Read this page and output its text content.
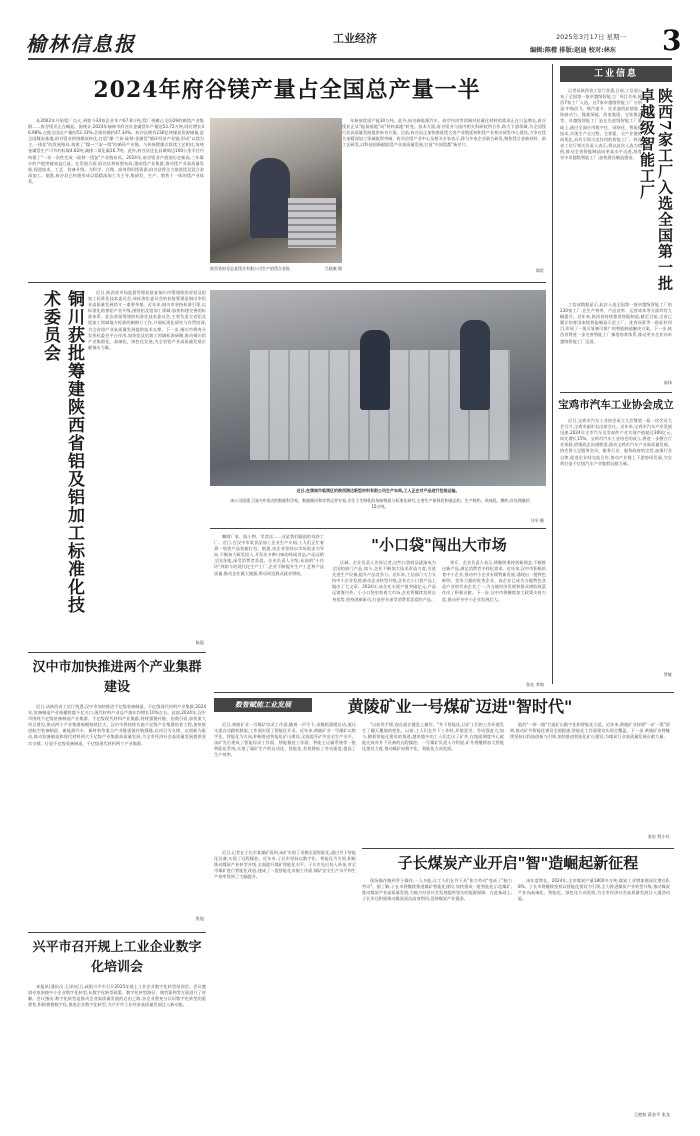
榆林信息报	工业经济	2025年3月17日 星期一
编辑:陈橙 排版:赵迪 校对:林东	3
2024年府谷镁产量占全国总产量一半

从2002年开始镁厂点火,到如今34家企业年产67.8万吨,镁厂规模占全国29的赖镁产业集群……府谷镁业正在崛起。据统计,2024年榆林市府谷县金属镁年产量达53.72万吨,同比增长46.98%,占据全国总产量的52.33%,全球份额约47.34%。府谷县拥有236亿吨煤炭资源储量,是全国煤炭基地,府谷镁业围绕煤炭转化,打造"煤-兰炭-硅铁-金属镁"循环经济产业链,形成"以镁为主,一体化"的发展格局,构建了"煤—兰炭—镁"的循环产业链。与传统燃煤式炼镁工艺相比,每吨金属镁生产可节约标煤4.82吨,减排二氧化碳16.7吨。此外,府谷县还在县城周边100公里半径内构建了"一年一次性完成一硅铁一镁锭"产业链布局。2024年,府谷镁业产值创历史新高,三年累计的产值突破效益凸显。在发展方面,府谷县将按照布局,建成镁产业集群,推动镁产业高质量发展,促进技术、工艺、装备升级。为科学、合理、高效利用镁资源,府谷县将全力推进镁及镁合金深加工。据悉,府谷县已构建形成以镁精深加工为主导,集研发、生产、销售于一体的镁产业体系。

陕西省府谷县某镁业有限公司生产的镁合金锭	吕晓旗 摄

年释放优质产能30万吨。此外,府谷新能源汽车、低空经济等领域对轻量化材料的需求正在日益增长,府谷镁业正从"能源基地"向"材料高地"转变。技术方面,府谷镁业与国内相关科研院所合作,助力下游领域,为全国镁行业高质量发展提供府谷方案。目前,府谷县正加快推进镁合金产业链延伸和镁产业相关研发中心建设,力争在镁合金精深加工领域取得突破。府谷县镁产业中心及相关专家表示,将与多家企业联合研发,聚焦镁合金新材料、新工艺研发,以科技创新赋能镁产业高质量发展,打造"中国镁都"新名片。

谭雷
铜川获批筹建陕西省铝及铝加工标准化技术委员会	近日,陕西省市场监督管理局批复铜川市筹建陕西省铝及铝加工标准化技术委员会,该标准化委员会的获批筹建是铜川市铝业高质量发展的又一重要举措。近年来,铜川市坚持标准引领,以标准化助推铝产业升级,围绕铝及铝加工领域,加快构建完善的标准体系。此次获批筹建的标准化技术委员会,主要负责全省铝及铝加工领域地方标准的制修订工作,开展标准化研究与宣贯培训,为全省铝产业高质量发展提供技术支撑。下一步,铜川市将充分发挥标委会平台作用,加快铝及铝加工领域标准研制,推动铜川铝产业集群化、高端化、绿色化发展,为全省铝产业高质量发展贡献铜川力量。

陈晨
近日,在渭南市临渭区的陕西润达新型材料有限公司生产车间,工人正在对产品进行包装运输。
该公司组建了国内外顶尖的数据科学家、数据顾问和零售运营专家,专注于生鲜乳的风味物质与标准化研究,主要生产原料乳和液态奶、生产鲜奶、风味乳、酸奶,年处理量约15万吨。
马辛 摄
汉中市加快推进两个产业集群建设

近日,从陕西省工信厅悦悉,汉中市加快推进千亿级装备制造、千亿级现代材料产业集群,2024年,装备制造产业规模跨越千亿关口,现代材料产业总产值年均增长10%左右。此前,2024年,汉中市围绕千亿级装备制造产业集群、千亿级现代材料产业集群,持续强链补链、招商引资,加快重大项目建设,推动两个产业集群规模持续壮大。汉中市将持续实施千亿级产业集群培育工程,加快推进航空装备制造、新能源汽车、新材料等重点产业链延链补链强链,以项目为支撑、以创新为驱动,推动装备制造和现代材料两大千亿级产业集群高质量发展,为全市经济社会高质量发展提供坚实支撑。打造千亿级装备制造、千亿级现代材料两个产业集群。

张旭
兴平市召开规上工业企业数字化培训会

本报讯(通讯员 王泽)近日,咸阳兴平市召开2025年规上工业企业数字化转型培训会。会议邀请专家围绕中小企业数字化转型,从数字化转型政策、数字化转型路径、典型案例等方面进行了讲解。会议指出,数字化转型是推动企业高质量发展的必由之路,各企业要充分认识数字化转型的重要性,积极拥抱数字化,推进企业数字化转型,为兴平市工业经济高质量发展注入新动能。

咖啡厂家、陆小物、零食店……这是我们眼前的奇妙工厂。近日,在汉中市某食品加工企业生产车间,工人们正忙着将一袋袋产品装箱打包。据悉,该企业坚持以市场需求为导向,不断加大研发投入,开发出多种口味的休闲食品,产品远销全国各地,深受消费者喜爱。企业负责人介绍,从前的"小作坊"到如今的现代化生产工厂,企业不断提升生产工艺和产品质量,推动企业做大做强,带动周边群众就业增收。

"小口袋"闯出大市场

区域。企业负责人告诉记者,这些口袋商品逐渐成为全国的热门产品,如今,企业不断加大技术改造力度,引进先进生产设备,提升产品竞争力。近年来,工信部门大力支持中小企业发展,推动企业转型升级,企业在小口袋产品上做出了大文章。2024年,该企业实现产值突破亿元,产品远销海内外。小小口袋里装着大市场,企业将继续发挥自身优势,坚持创新驱动,打造更多深受消费者喜爱的产品。

余斤。企业负责人表示,将继续秉持创新理念,不断推出新产品,满足消费者多样化需求。近年来,汉中市积极培育中小企业,推动中小企业专精特新发展,涌现出一批特色鲜明、竞争力强的优秀企业。该企业已成为当地特色食品产业的代表企业之一,为当地经济发展和群众增收致富作出了积极贡献。下一步,汉中市将继续加大政策支持力度,推动更多中小企业发展壮大。

张宏 李海
数智赋能工业发展	黄陵矿业一号煤矿迈进"智时代"

近日,黄陵矿业一号煤矿综采工作面,随着一声令下,采煤机缓缓启动,液压支架自动跟机移架,工作面实现了智能化开采。近年来,黄陵矿业一号煤矿以数字化、智能化为方向,积极推进智能化矿山建设,全面提升矿井安全生产水平。该矿先后建成了智能综采工作面、智能掘进工作面、智能主运输系统等一批智能化系统,实现了煤矿生产的自动化、智能化,有效降低了劳动强度,提高了生产效率。

"以前用手摇,现在就在键盘上操作。"井下智能化,让矿工们的工作环境发生了翻天覆地的变化。以前,工人们在井下工作时,环境恶劣、劳动强度大;如今,随着智能化建设的推进,越来越多的工人们走出了矿井,在地面调度中心就能完成对井下设备的远程操控。一号煤矿负责人介绍说,矿井将继续加大智能化建设力度,推动煤矿向数字化、智能化方向发展。

能的"一带一路"打造矿山数字化和智能化示范。近年来,黄陵矿业按照"一矿一策"原则,推动矿井智能化建设全面提速,智能化工作面建设实现全覆盖。下一步,黄陵矿业将继续坚持以科技创新为引领,加快推进智能化矿山建设,为煤炭行业高质量发展贡献力量。

张宏 程小红
子长煤炭产业开启"智"造崛起新征程

近日,记者在子长市某煤矿看到,该矿实现了采掘全面智能化,通过井下智能化设备,实现了远程操控。近年来,子长市坚持以数字化、智能化为引领,积极推动煤炭产业转型升级,全面提升煤矿智能化水平。子长市先后投入资金,对全市煤矿进行智能化改造,建成了一批智能化采掘工作面,煤矿安全生产水平和生产效率得到了大幅提升。

现场操作跑到井下操作,一人多能,让工人们在井下从"体力劳动"变成了"脑力劳动"。据了解,子长市将继续推进煤矿智能化建设,加快建成一批智能化示范煤矿,推动煤炭产业高质量发展,为地方经济社会发展提供坚实的能源保障。在此基础上,子长市还积极推动煤炭清洁高效利用,延伸煤炭产业链条。

该年度增长。2024年,全市煤炭产量1800多万吨,煤炭工业增加值同比增长6.8%。子长市将继续坚持以智能化建设为引领,全力推进煤炭产业转型升级,推动煤炭产业向高端化、智能化、绿色化方向发展,为全市经济社会高质量发展注入强劲动能。

王艳如 薛金平 张龙
工业信息
陕西7家工厂入选全国第一批卓越级智能工厂

记者从陕西省工信厅获悉,日前,工信部公布了全国第一批卓越级智能工厂项目名单,陕西7家工厂入选。这7家卓越级智能工厂分别是:中航西飞、陕汽重卡、比亚迪西安基地、陕鼓动力、隆基绿能、西电集团、宝钛集团等。卓越级智能工厂是在先进级智能工厂基础上,通过全面应用数字化、网络化、智能化技术,实现生产全过程、全要素、全产业链协同优化,具有引领示范作用的智能工厂。陕西省工信厅相关负责人表示,将以此次入选为契机,推动全省智能制造向更高水平迈进,培育更多卓越级智能工厂,加快建设制造强省。

工信部数据显示,此次入选全国第一批卓越级智能工厂的230家工厂,在生产效率、产品良率、运营成本等方面均有大幅提升。近年来,陕西省持续推进智能制造,截至目前,全省已累计培育国家级智能制造示范工厂、优秀场景等一批标杆项目,形成了一批可复制可推广的智能制造解决方案。下一步,陕西省将进一步完善智能工厂梯度培育体系,推动更多企业向卓越级智能工厂迈进。

高伟
宝鸡市汽车工业协会成立

近日,宝鸡市汽车工业协会成立大会暨第一届一次会员大会召开,宝鸡市副市长出席会议。近年来,宝鸡市汽车产业发展迅速,2024年全市汽车及零部件产业实现产值超过300亿元,同比增长15%。宝鸡市汽车工业协会的成立,将进一步整合行业资源,搭建政企沟通桥梁,推动宝鸡市汽车产业高质量发展。协会将立足服务会员、服务行业、服务政府的宗旨,加强行业自律,促进企业间交流合作,推动产业链上下游协同发展,为宝鸡打造千亿级汽车产业集群贡献力量。

罗筱
